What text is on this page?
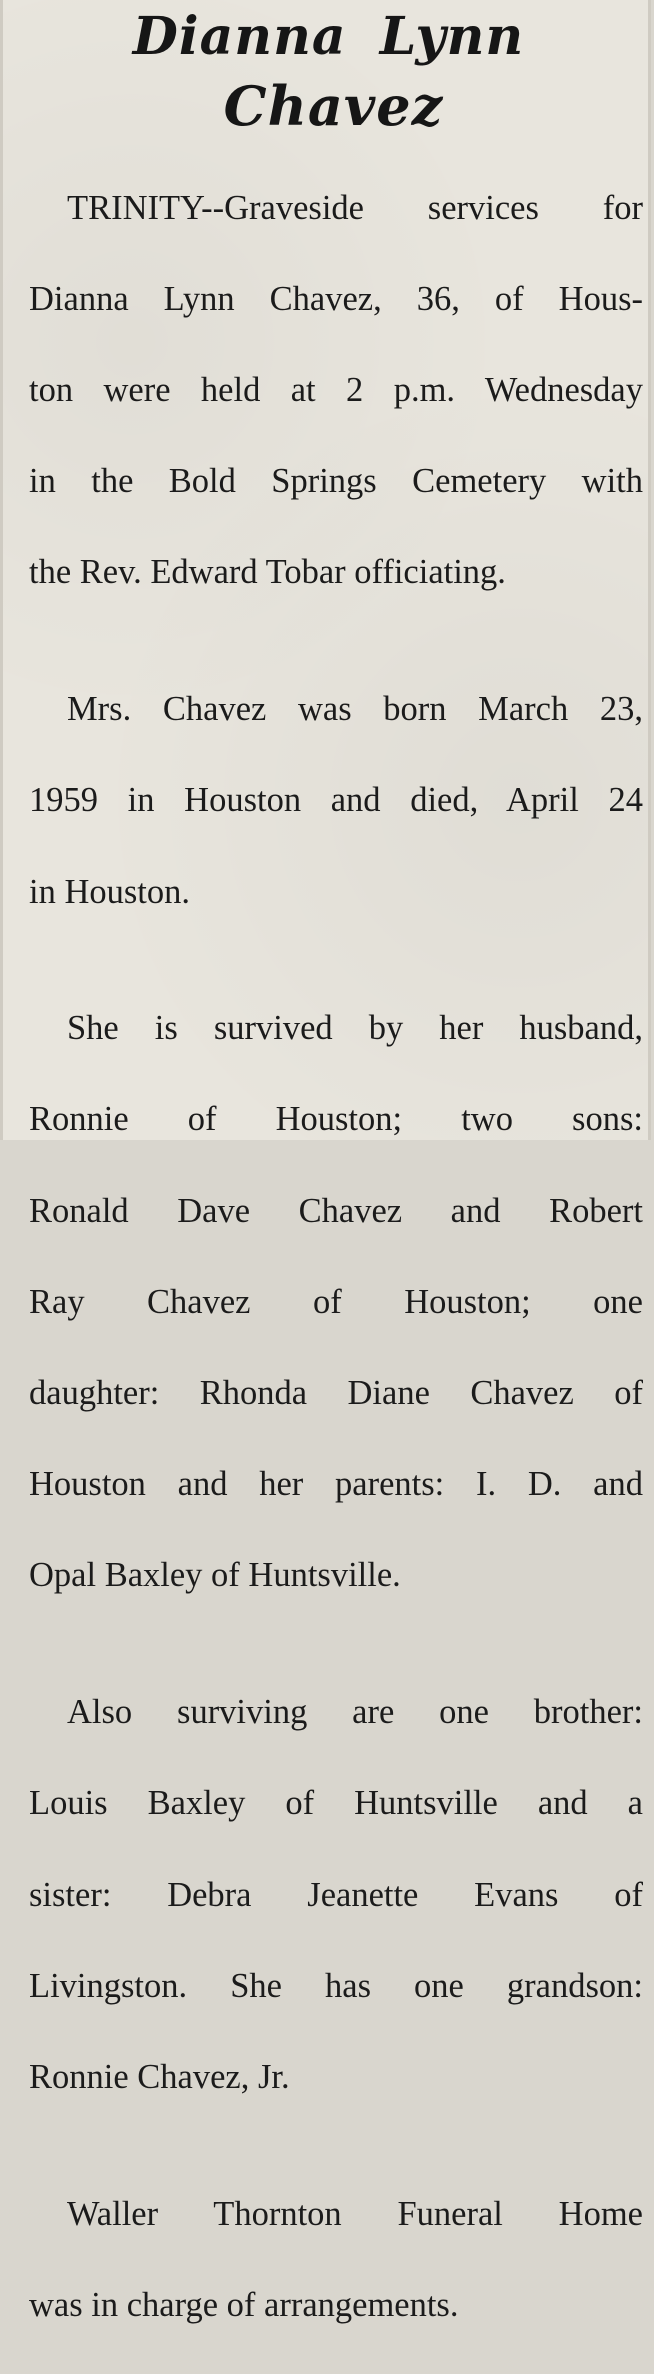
Dianna Lynn
Chavez

TRINITY--Graveside services for

Dianna Lynn Chavez, 36, of Hous-

ton were held at 2 p.m. Wednesday

in the Bold Springs Cemetery with

the Rev. Edward Tobar officiating.

Mrs. Chavez was born March 23,

1959 in Houston and died, April 24

in Houston.

She is survived by her husband,

Ronnie of Houston; two sons:

Ronald Dave Chavez and Robert

Ray Chavez of Houston; one

daughter: Rhonda Diane Chavez of

Houston and her parents: I. D. and

Opal Baxley of Huntsville.

Also surviving are one brother:

Louis Baxley of Huntsville and a

sister: Debra Jeanette Evans of

Livingston. She has one grandson:

Ronnie Chavez, Jr.

Waller Thornton Funeral Home

was in charge of arrangements.
